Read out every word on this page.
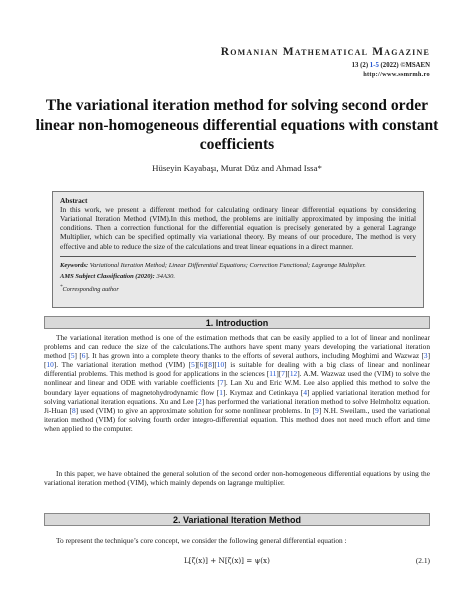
Romanian Mathematical Magazine
13 (2) 1-5 (2022) ©MSAEN
http://www.ssmrmh.ro
The variational iteration method for solving second order linear non-homogeneous differential equations with constant coefficients
Hüseyin Kayabaşı, Murat Düz and Ahmad Issa*
Abstract
In this work, we present a different method for calculating ordinary linear differential equations by considering Variational Iteration Method (VIM).In this method, the problems are initially approximated by imposing the initial conditions. Then a correction functional for the differential equation is precisely generated by a general Lagrange Multiplier, which can be specified optimally via variational theory. By means of our procedure, The method is very effective and able to reduce the size of the calculations and treat linear equations in a direct manner.
Keywords: Variational Iteration Method; Linear Differential Equations; Correction Functional; Lagrange Multiplier.
AMS Subject Classification (2020): 34A30.
*Corresponding author
1. Introduction
The variational iteration method is one of the estimation methods that can be easily applied to a lot of linear and nonlinear problems and can reduce the size of the calculations.The authors have spent many years developing the variational iteration method [5] [6]. It has grown into a complete theory thanks to the efforts of several authors, including Moghimi and Wazwaz [3] [10]. The variational iteration method (VIM) [5][6][8][10] is suitable for dealing with a big class of linear and nonlinear differential problems. This method is good for applications in the sciences [11][7][12]. A.M. Wazwaz used the (VIM) to solve the nonlinear and linear and ODE with variable coefficients [7]. Lan Xu and Eric W.M. Lee also applied this method to solve the boundary layer equations of magnetohydrodynamic flow [1]. Kıymaz and Cetinkaya [4] applied variational iteration method for solving variational iteration equations. Xu and Lee [2] has performed the variational iteration method to solve Helmholtz equation. Ji-Huan [8] used (VIM) to give an approximate solution for some nonlinear problems. In [9] N.H. Sweilam., used the variational iteration method (VIM) for solving fourth order integro-differential equation. This method does not need much effort and time when applied to the computer.
In this paper, we have obtained the general solution of the second order non-homogeneous differential equations by using the variational iteration method (VIM), which mainly depends on lagrange multiplier.
2. Variational Iteration Method
To represent the technique’s core concept, we consider the following general differential equation :
L[ζ(x)] + N[ζ(x)] = ψ(x)	(2.1)
